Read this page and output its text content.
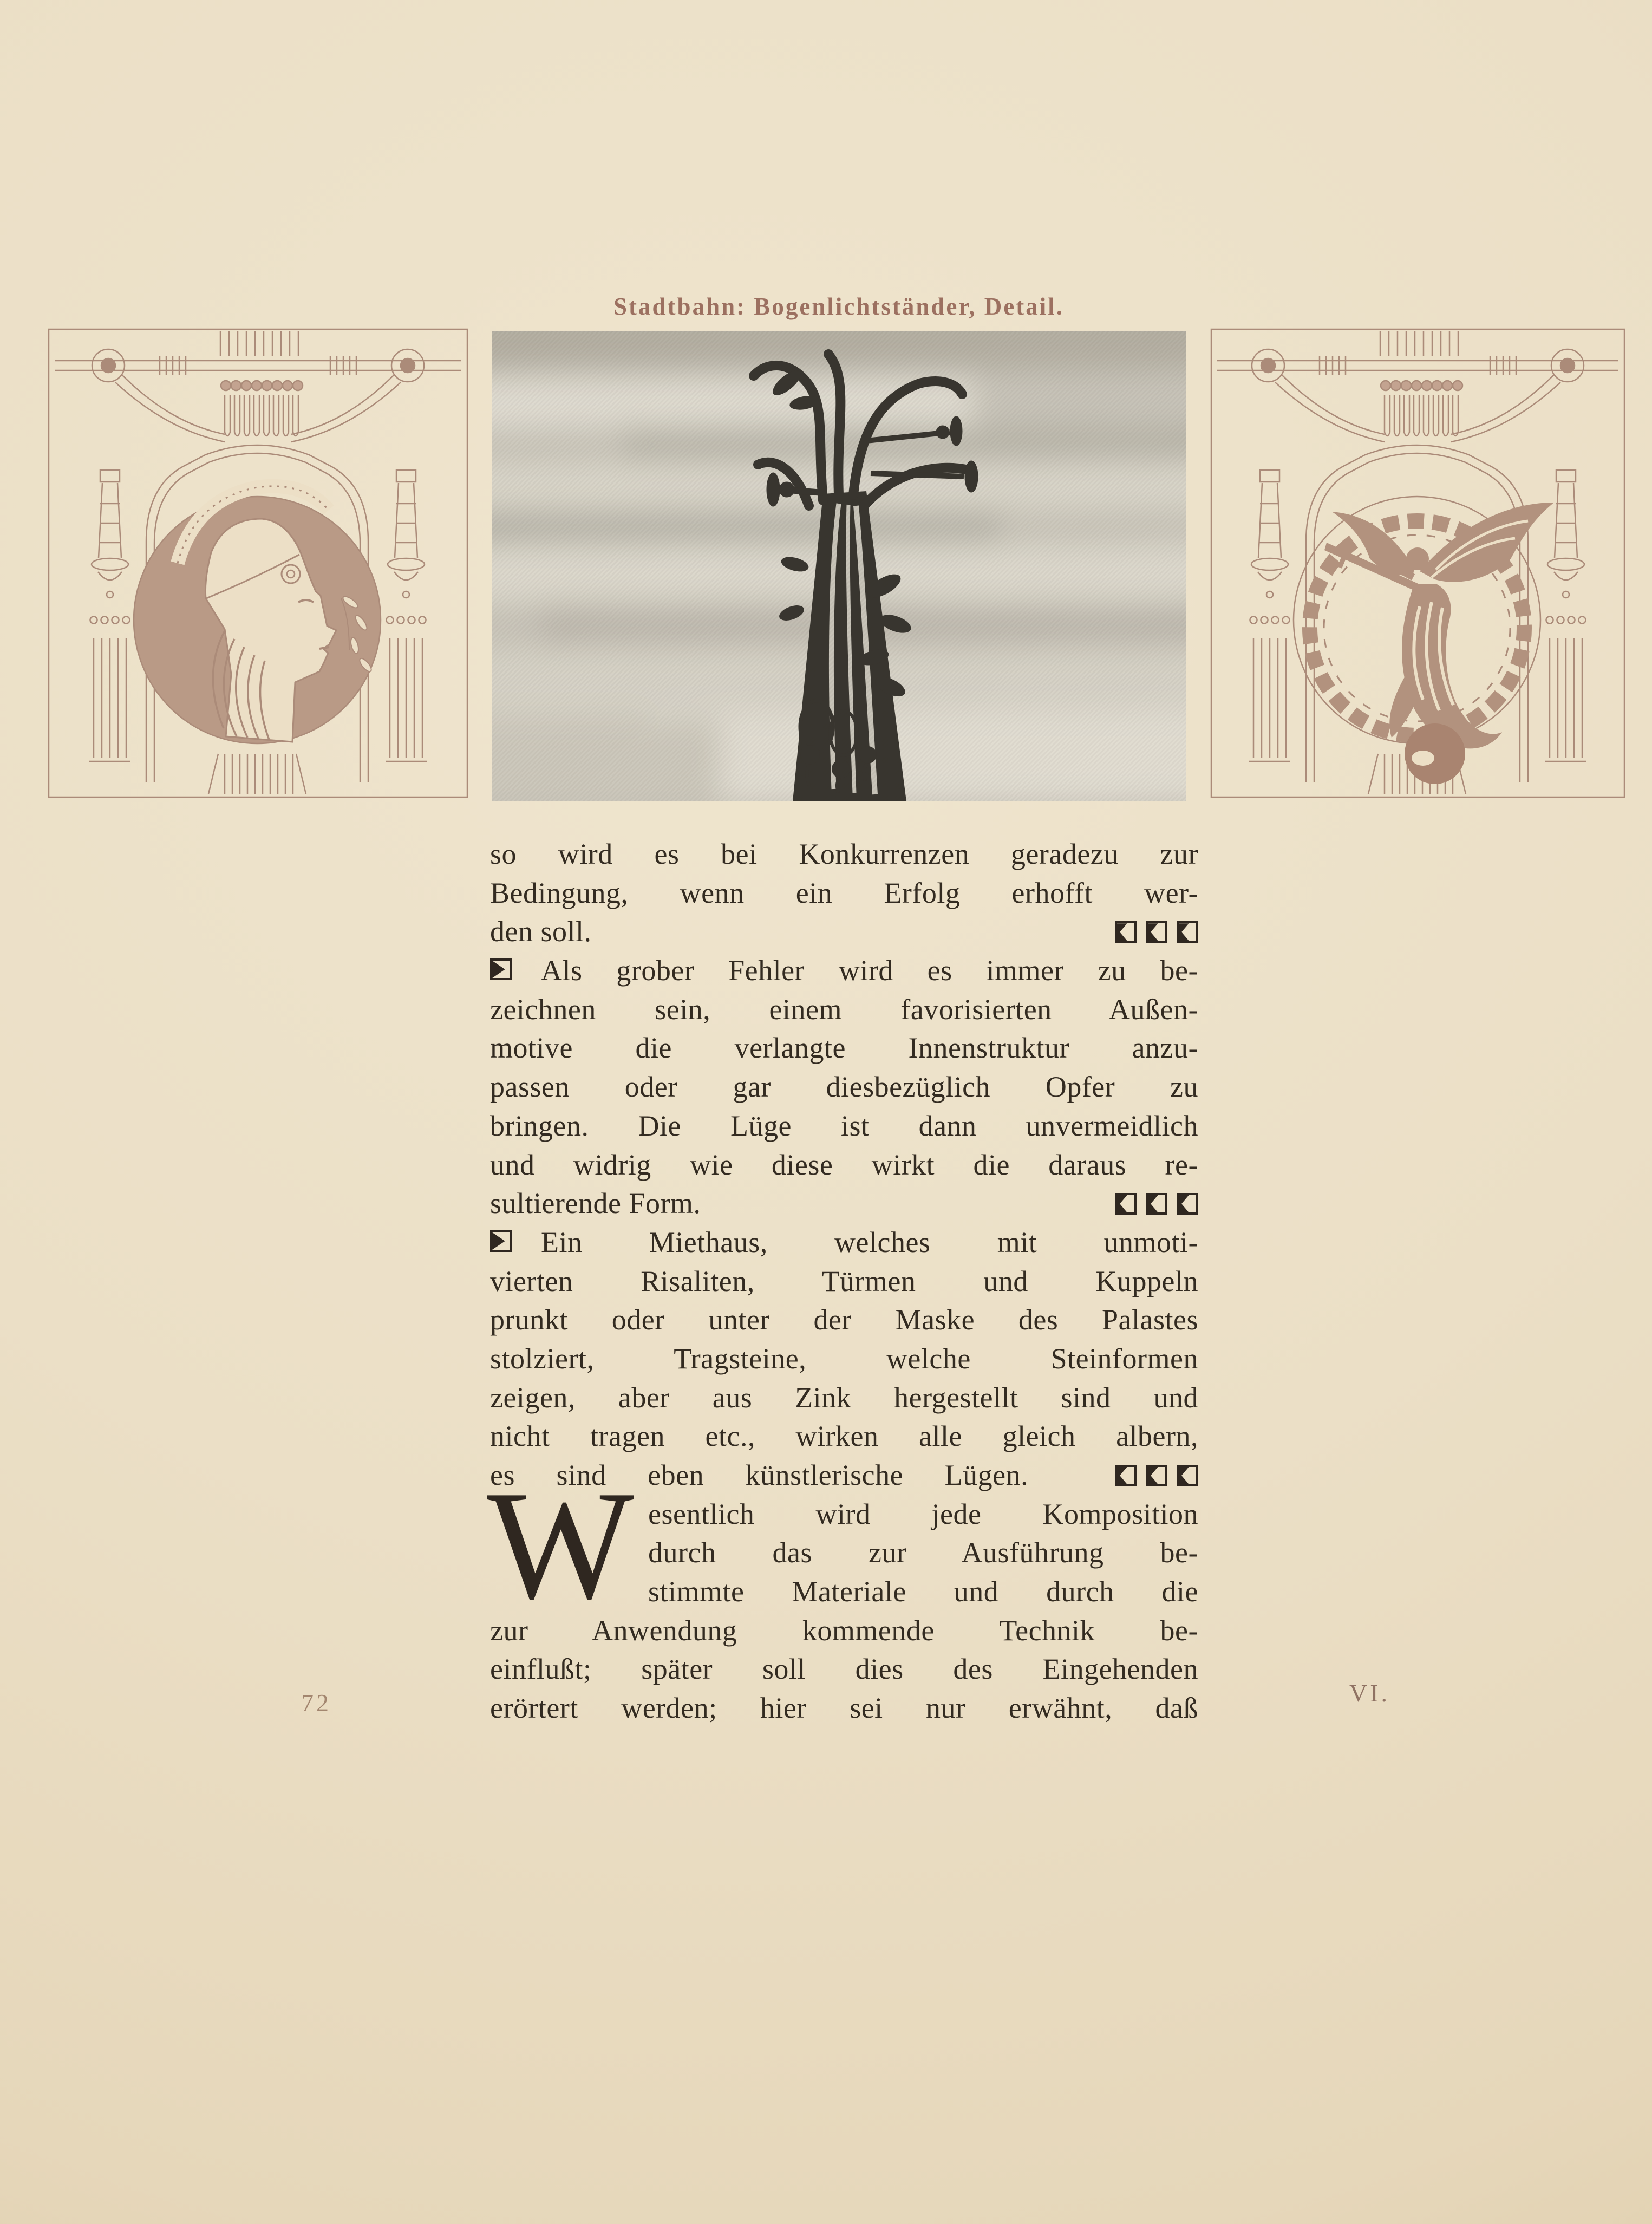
Stadtbahn: Bogenlichtständer, Detail.
so wird es bei Konkurrenzen geradezu zur
Bedingung, wenn ein Erfolg erhofft wer-
den soll.
Als grober Fehler wird es immer zu be-
zeichnen sein, einem favorisierten Außen-
motive die verlangte Innenstruktur anzu-
passen oder gar diesbezüglich Opfer zu
bringen. Die Lüge ist dann unvermeidlich
und widrig wie diese wirkt die daraus re-
sultierende Form.
Ein Miethaus, welches mit unmoti-
vierten Risaliten, Türmen und Kuppeln
prunkt oder unter der Maske des Palastes
stolziert, Tragsteine, welche Steinformen
zeigen, aber aus Zink hergestellt sind und
nicht tragen etc., wirken alle gleich albern,
es sind eben künstlerische Lügen.
W esentlich wird jede Komposition
durch das zur Ausführung be-
stimmte Materiale und durch die
zur Anwendung kommende Technik be-
einflußt; später soll dies des Eingehenden
erörtert werden; hier sei nur erwähnt, daß
72	VI.
